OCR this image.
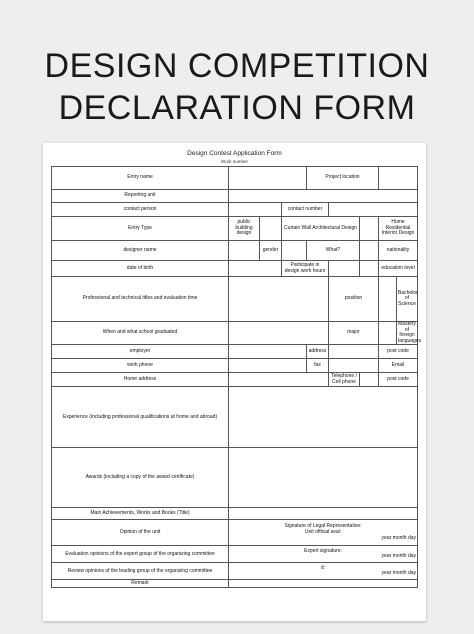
DESIGN COMPETITION
DECLARATION FORM
Design Contest Application Form
Work number
Entry name				Project location				
Reporting unit								
contact person			contact number					
Entry Type	public building design		Curtain Wall Architectural Design				Home Residential Interior Design	
designer name		gender		What?			nationality	
date of birth			Participate in design work hours				education level	
Professional and technical titles and evaluation time					position			Bachelor of Science
When and what school graduated					major			Mastery of foreign languages
employer				address			post code	
work phone				fax			Email	
Home address					Telephone / Cell phone		post code	
Experience (including professional qualifications at home and abroad)								
Awards (including a copy of the award certificate)								
Main Achievements, Works and Books (Title)								
Opinion of the unit	Signature of Legal Representative:
Unit official seal:
year month day							

Evaluation opinions of the expert group of the organizing committee	Expert signature:
year month day							

Review opinions of the leading group of the organizing committee	d:
year month day							

Remark								
